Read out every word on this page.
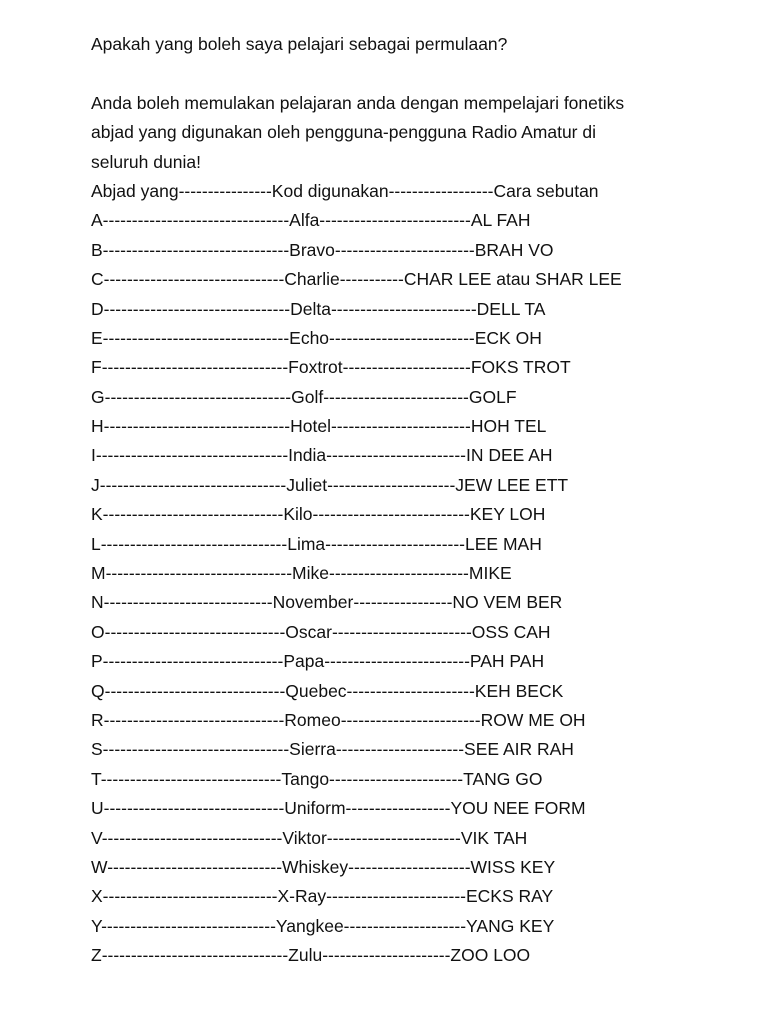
Apakah yang boleh saya pelajari sebagai permulaan?
Anda boleh memulakan pelajaran anda dengan mempelajari fonetiks
abjad yang digunakan oleh pengguna-pengguna Radio Amatur di
seluruh dunia!
Abjad yang----------------Kod digunakan------------------Cara sebutan
A--------------------------------Alfa--------------------------AL FAH
B--------------------------------Bravo------------------------BRAH VO
C-------------------------------Charlie-----------CHAR LEE atau SHAR LEE
D--------------------------------Delta-------------------------DELL TA
E--------------------------------Echo-------------------------ECK OH
F--------------------------------Foxtrot----------------------FOKS TROT
G--------------------------------Golf-------------------------GOLF
H--------------------------------Hotel------------------------HOH TEL
I---------------------------------India------------------------IN DEE AH
J--------------------------------Juliet----------------------JEW LEE ETT
K-------------------------------Kilo---------------------------KEY LOH
L--------------------------------Lima------------------------LEE MAH
M--------------------------------Mike------------------------MIKE
N-----------------------------November-----------------NO VEM BER
O-------------------------------Oscar------------------------OSS CAH
P-------------------------------Papa-------------------------PAH PAH
Q-------------------------------Quebec----------------------KEH BECK
R-------------------------------Romeo------------------------ROW ME OH
S--------------------------------Sierra----------------------SEE AIR RAH
T-------------------------------Tango-----------------------TANG GO
U-------------------------------Uniform------------------YOU NEE FORM
V-------------------------------Viktor-----------------------VIK TAH
W------------------------------Whiskey---------------------WISS KEY
X------------------------------X-Ray------------------------ECKS RAY
Y------------------------------Yangkee---------------------YANG KEY
Z--------------------------------Zulu----------------------ZOO LOO
